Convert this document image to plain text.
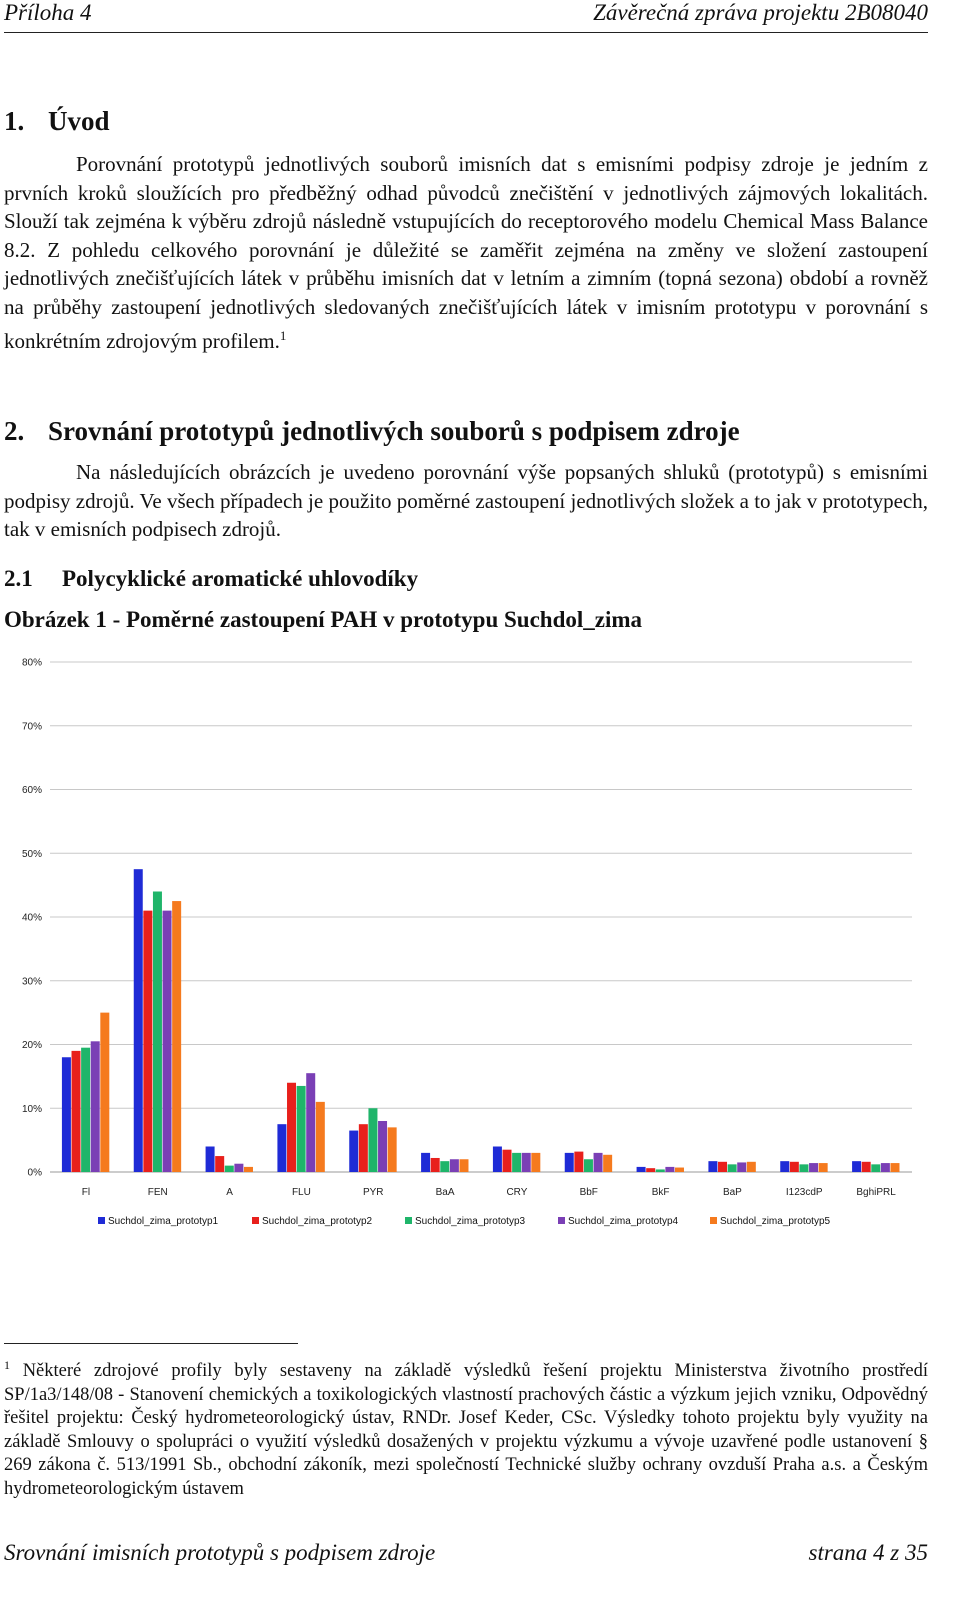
Příloha 4	Závěrečná zpráva projektu 2B08040
1. Úvod
Porovnání prototypů jednotlivých souborů imisních dat s emisními podpisy zdroje je jedním z prvních kroků sloužících pro předběžný odhad původců znečištění v jednotlivých zájmových lokalitách. Slouží tak zejména k výběru zdrojů následně vstupujících do receptorového modelu Chemical Mass Balance 8.2. Z pohledu celkového porovnání je důležité se zaměřit zejména na změny ve složení zastoupení jednotlivých znečišťujících látek v průběhu imisních dat v letním a zimním (topná sezona) období a rovněž na průběhy zastoupení jednotlivých sledovaných znečišťujících látek v imisním prototypu v porovnání s konkrétním zdrojovým profilem.$^1$
2. Srovnání prototypů jednotlivých souborů s podpisem zdroje
Na následujících obrázcích je uvedeno porovnání výše popsaných shluků (prototypů) s emisními podpisy zdrojů. Ve všech případech je použito poměrné zastoupení jednotlivých složek a to jak v prototypech, tak v emisních podpisech zdrojů.
2.1 Polycyklické aromatické uhlovodíky
Obrázek 1 - Poměrné zastoupení PAH v prototypu Suchdol_zima
0%
10%
20%
30%
40%
50%
60%
70%
80%
Fl	FEN	A	FLU	PYR	BaA	CRY	BbF	BkF	BaP	I123cdP	BghiPRL
Suchdol_zima_prototyp1	Suchdol_zima_prototyp2	Suchdol_zima_prototyp3	Suchdol_zima_prototyp4	Suchdol_zima_prototyp5
$^1$ Některé zdrojové profily byly sestaveny na základě výsledků řešení projektu Ministerstva životního prostředí SP/1a3/148/08 - Stanovení chemických a toxikologických vlastností prachových částic a výzkum jejich vzniku, Odpovědný řešitel projektu: Český hydrometeorologický ústav, RNDr. Josef Keder, CSc. Výsledky tohoto projektu byly využity na základě Smlouvy o spolupráci o využití výsledků dosažených v projektu výzkumu a vývoje uzavřené podle ustanovení § 269 zákona č. 513/1991 Sb., obchodní zákoník, mezi společností Technické služby ochrany ovzduší Praha a.s. a Českým hydrometeorologickým ústavem
Srovnání imisních prototypů s podpisem zdroje	strana 4 z 35
